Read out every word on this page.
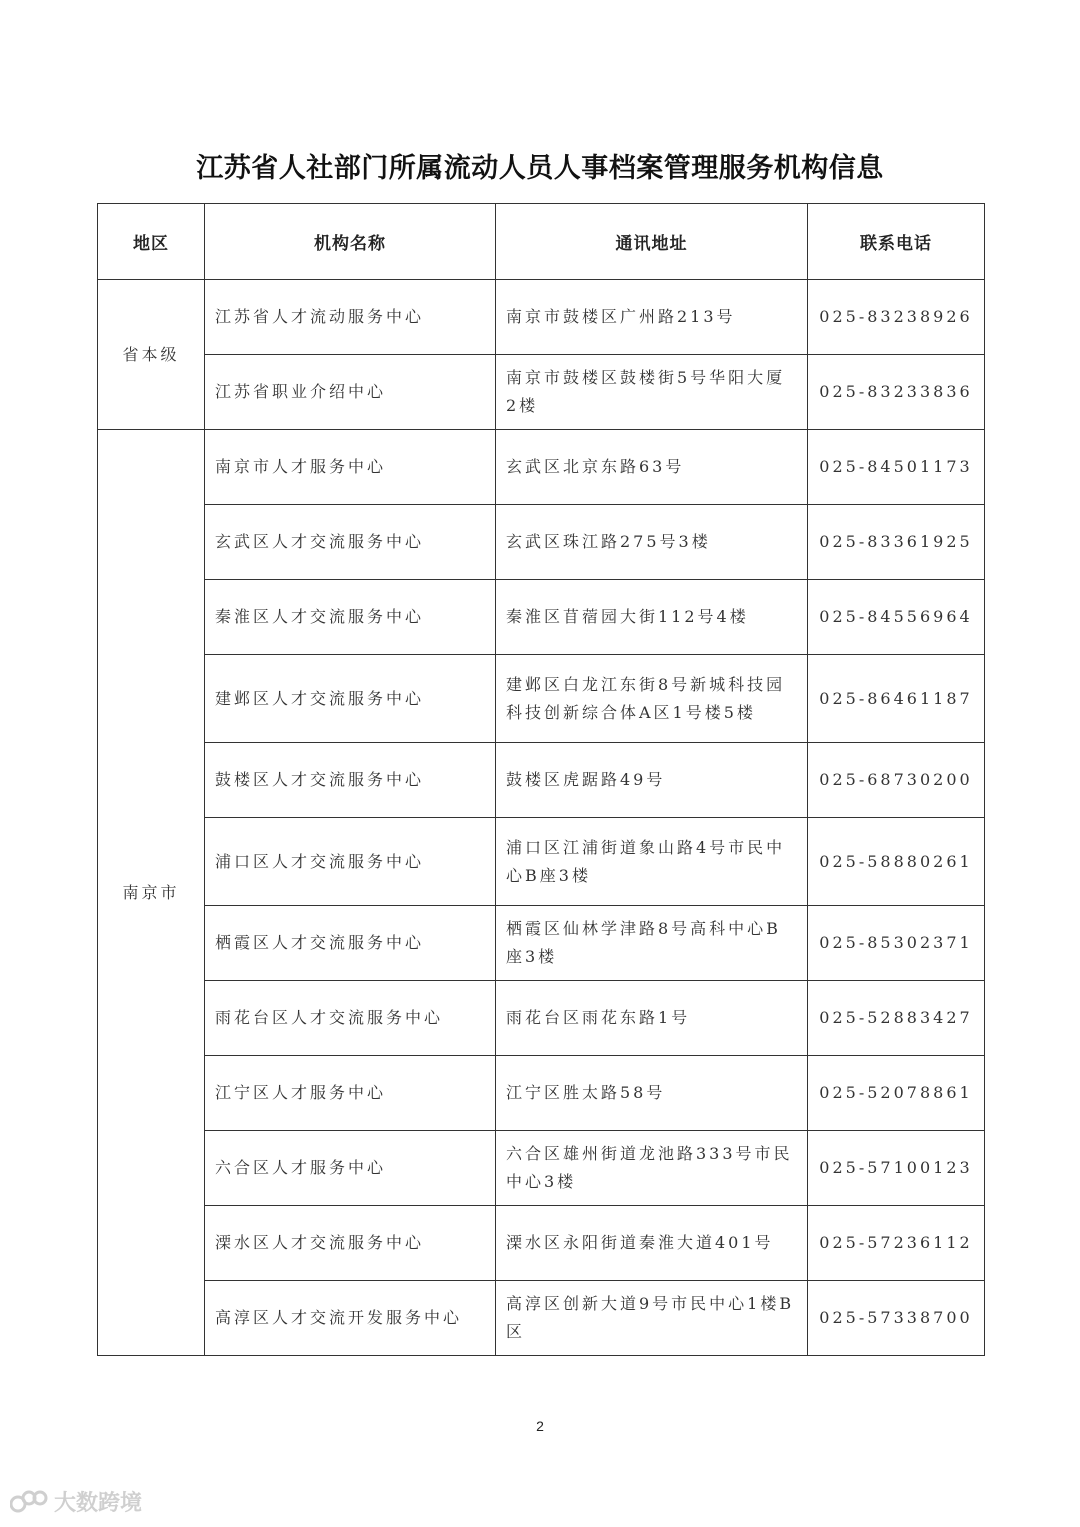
江苏省人社部门所属流动人员人事档案管理服务机构信息
地区	机构名称	通讯地址	联系电话
省本级	江苏省人才流动服务中心	南京市鼓楼区广州路213号	025-83238926
	江苏省职业介绍中心	南京市鼓楼区鼓楼街5号华阳大厦2楼	025-83233836
南京市	南京市人才服务中心	玄武区北京东路63号	025-84501173
	玄武区人才交流服务中心	玄武区珠江路275号3楼	025-83361925
	秦淮区人才交流服务中心	秦淮区苜蓿园大街112号4楼	025-84556964
	建邺区人才交流服务中心	建邺区白龙江东街8号新城科技园科技创新综合体A区1号楼5楼	025-86461187
	鼓楼区人才交流服务中心	鼓楼区虎踞路49号	025-68730200
	浦口区人才交流服务中心	浦口区江浦街道象山路4号市民中心B座3楼	025-58880261
	栖霞区人才交流服务中心	栖霞区仙林学津路8号高科中心B座3楼	025-85302371
	雨花台区人才交流服务中心	雨花台区雨花东路1号	025-52883427
	江宁区人才服务中心	江宁区胜太路58号	025-52078861
	六合区人才服务中心	六合区雄州街道龙池路333号市民中心3楼	025-57100123
	溧水区人才交流服务中心	溧水区永阳街道秦淮大道401号	025-57236112
	高淳区人才交流开发服务中心	高淳区创新大道9号市民中心1楼B区	025-57338700
2
大数跨境
